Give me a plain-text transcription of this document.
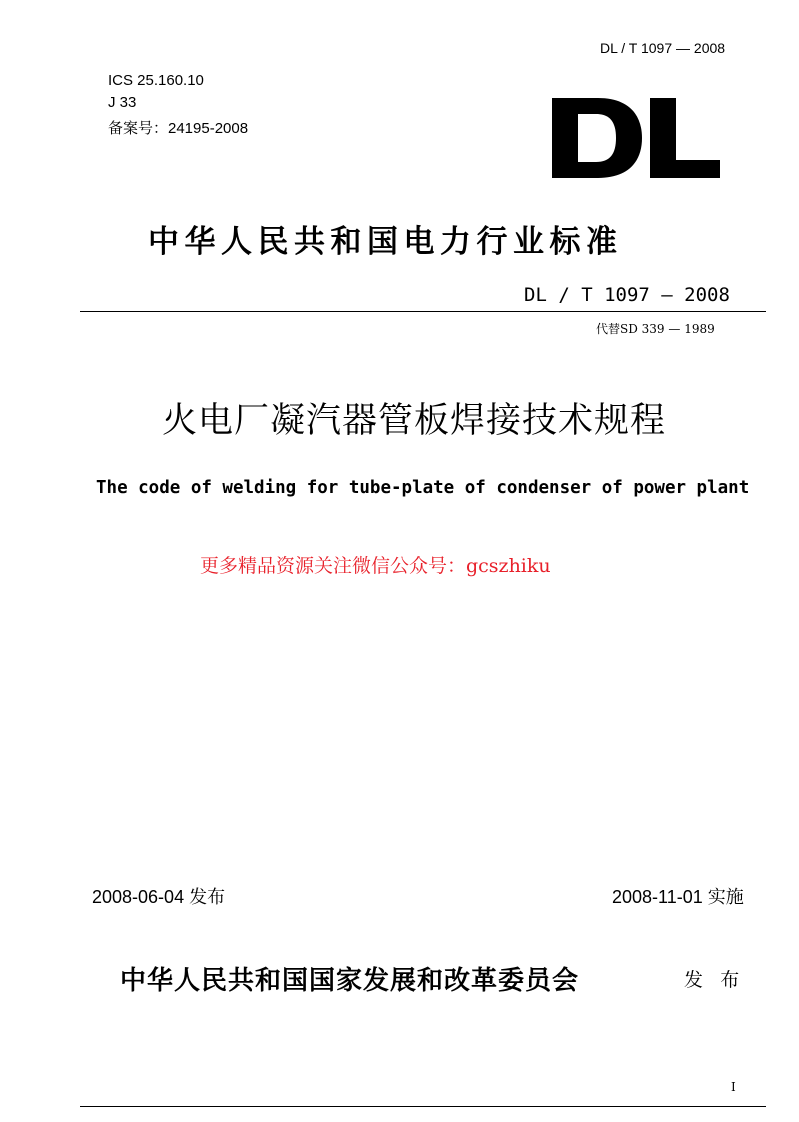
DL / T 1097 — 2008
ICS 25.160.10
J 33
备案号：24195-2008
中华人民共和国电力行业标准
DL / T 1097 — 2008
代替SD 339 — 1989
火电厂凝汽器管板焊接技术规程
The code of welding for tube-plate of condenser of power plant
更多精品资源关注微信公众号：gcszhiku
2008-06-04 发布	2008-11-01 实施
中华人民共和国国家发展和改革委员会	发 布
I
